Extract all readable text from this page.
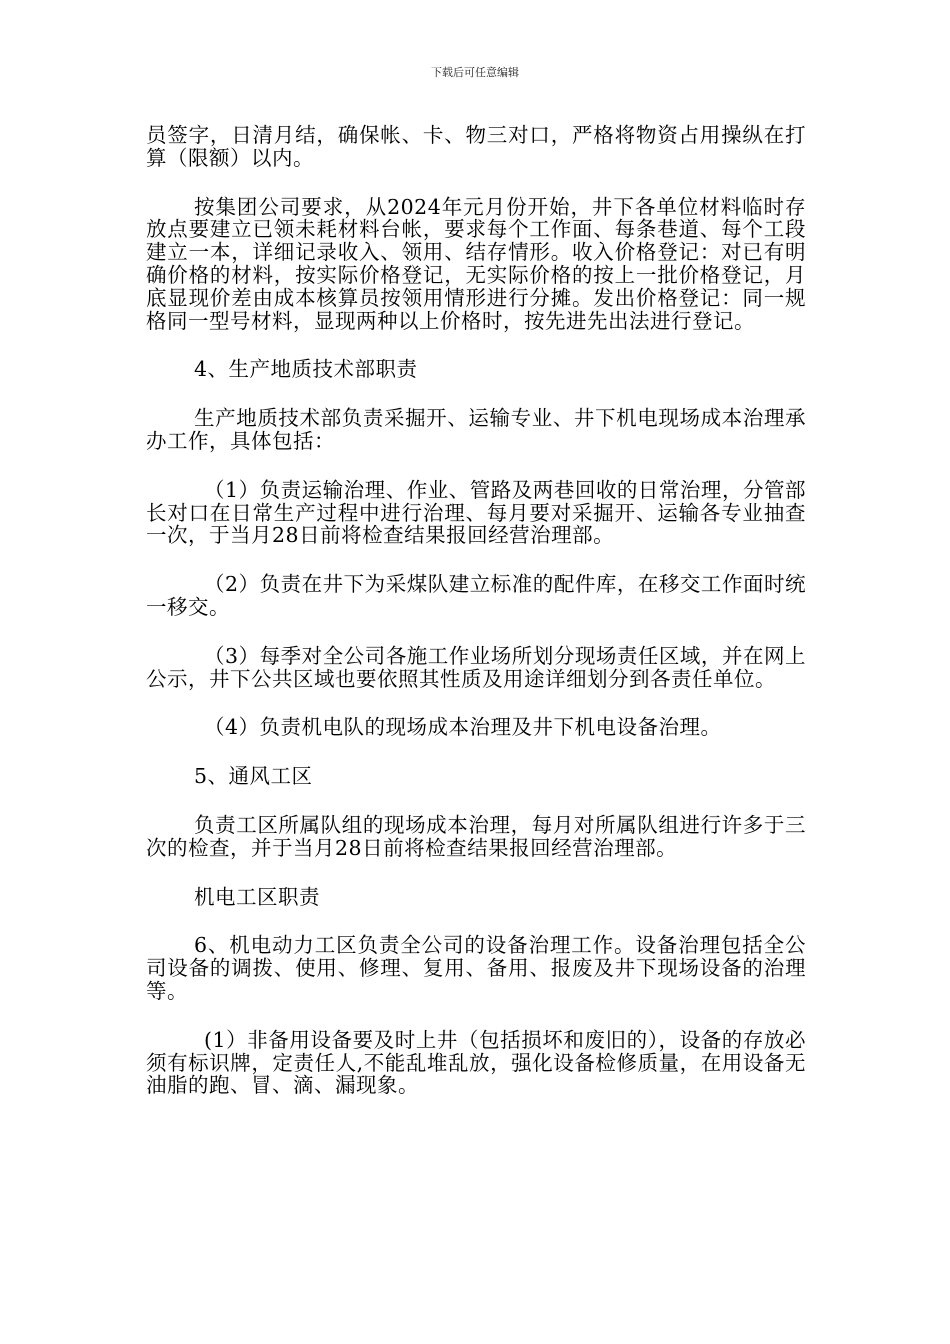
下载后可任意编辑

员签字，日清月结，确保帐、卡、物三对口，严格将物资占用操纵在打算（限额）以内。

按集团公司要求，从2024年元月份开始，井下各单位材料临时存放点要建立已领未耗材料台帐，要求每个工作面、每条巷道、每个工段建立一本，详细记录收入、领用、结存情形。收入价格登记：对已有明确价格的材料，按实际价格登记，无实际价格的按上一批价格登记，月底显现价差由成本核算员按领用情形进行分摊。发出价格登记：同一规格同一型号材料，显现两种以上价格时，按先进先出法进行登记。

4、生产地质技术部职责

生产地质技术部负责采掘开、运输专业、井下机电现场成本治理承办工作，具体包括：

（1）负责运输治理、作业、管路及两巷回收的日常治理，分管部长对口在日常生产过程中进行治理、每月要对采掘开、运输各专业抽查一次，于当月28日前将检查结果报回经营治理部。

（2）负责在井下为采煤队建立标准的配件库，在移交工作面时统一移交。

（3）每季对全公司各施工作业场所划分现场责任区域，并在网上公示，井下公共区域也要依照其性质及用途详细划分到各责任单位。

（4）负责机电队的现场成本治理及井下机电设备治理。

5、通风工区

负责工区所属队组的现场成本治理，每月对所属队组进行许多于三次的检查，并于当月28日前将检查结果报回经营治理部。

机电工区职责

6、机电动力工区负责全公司的设备治理工作。设备治理包括全公司设备的调拨、使用、修理、复用、备用、报废及井下现场设备的治理等。

(1）非备用设备要及时上井（包括损坏和废旧的），设备的存放必须有标识牌，定责任人,不能乱堆乱放，强化设备检修质量，在用设备无油脂的跑、冒、滴、漏现象。
